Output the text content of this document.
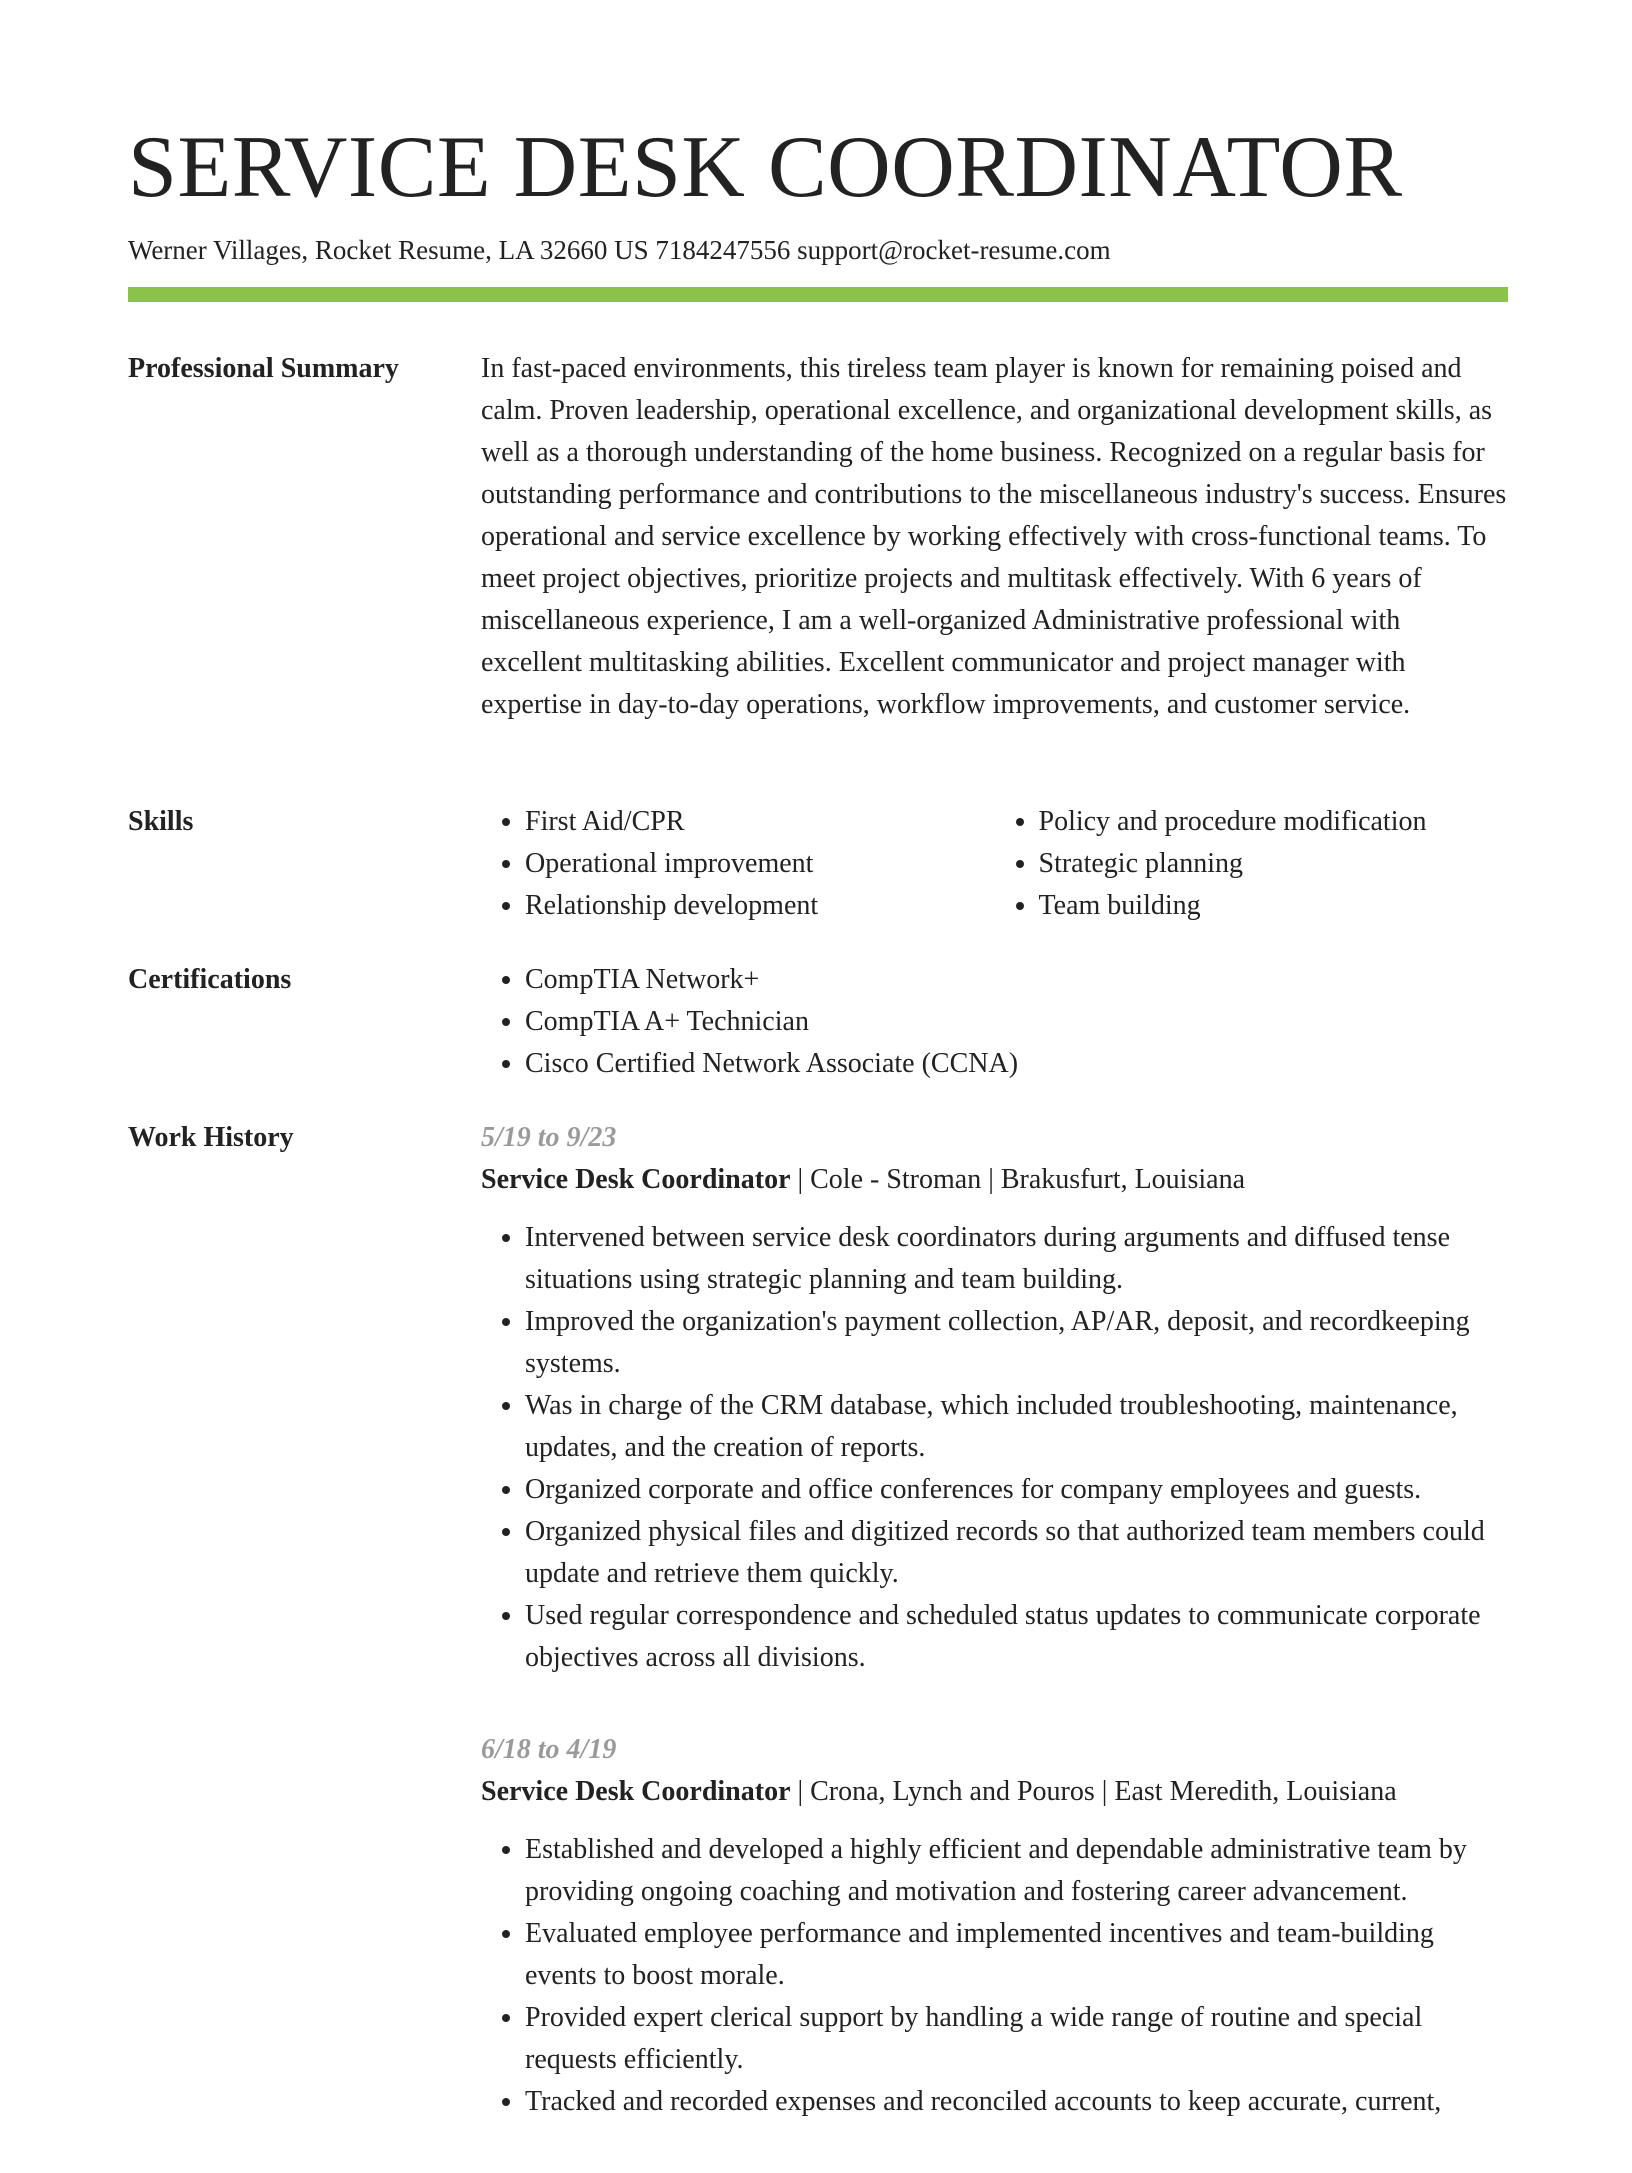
SERVICE DESK COORDINATOR
Werner Villages, Rocket Resume, LA 32660 US 7184247556 support@rocket-resume.com
Professional Summary	In fast-paced environments, this tireless team player is known for remaining poised and calm. Proven leadership, operational excellence, and organizational development skills, as well as a thorough understanding of the home business. Recognized on a regular basis for outstanding performance and contributions to the miscellaneous industry's success. Ensures operational and service excellence by working effectively with cross-functional teams. To meet project objectives, prioritize projects and multitask effectively. With 6 years of miscellaneous experience, I am a well-organized Administrative professional with excellent multitasking abilities. Excellent communicator and project manager with expertise in day-to-day operations, workflow improvements, and customer service.

Skills	• First Aid/CPR
• Operational improvement
• Relationship development
• Policy and procedure modification
• Strategic planning
• Team building
Certifications	• CompTIA Network+
• CompTIA A+ Technician
• Cisco Certified Network Associate (CCNA)
Work History	5/19 to 9/23
Service Desk Coordinator | Cole - Stroman | Brakusfurt, Louisiana
• Intervened between service desk coordinators during arguments and diffused tense situations using strategic planning and team building.
• Improved the organization's payment collection, AP/AR, deposit, and recordkeeping systems.
• Was in charge of the CRM database, which included troubleshooting, maintenance, updates, and the creation of reports.
• Organized corporate and office conferences for company employees and guests.
• Organized physical files and digitized records so that authorized team members could update and retrieve them quickly.
• Used regular correspondence and scheduled status updates to communicate corporate objectives across all divisions.
6/18 to 4/19
Service Desk Coordinator | Crona, Lynch and Pouros | East Meredith, Louisiana
• Established and developed a highly efficient and dependable administrative team by providing ongoing coaching and motivation and fostering career advancement.
• Evaluated employee performance and implemented incentives and team-building events to boost morale.
• Provided expert clerical support by handling a wide range of routine and special requests efficiently.
• Tracked and recorded expenses and reconciled accounts to keep accurate, current,
